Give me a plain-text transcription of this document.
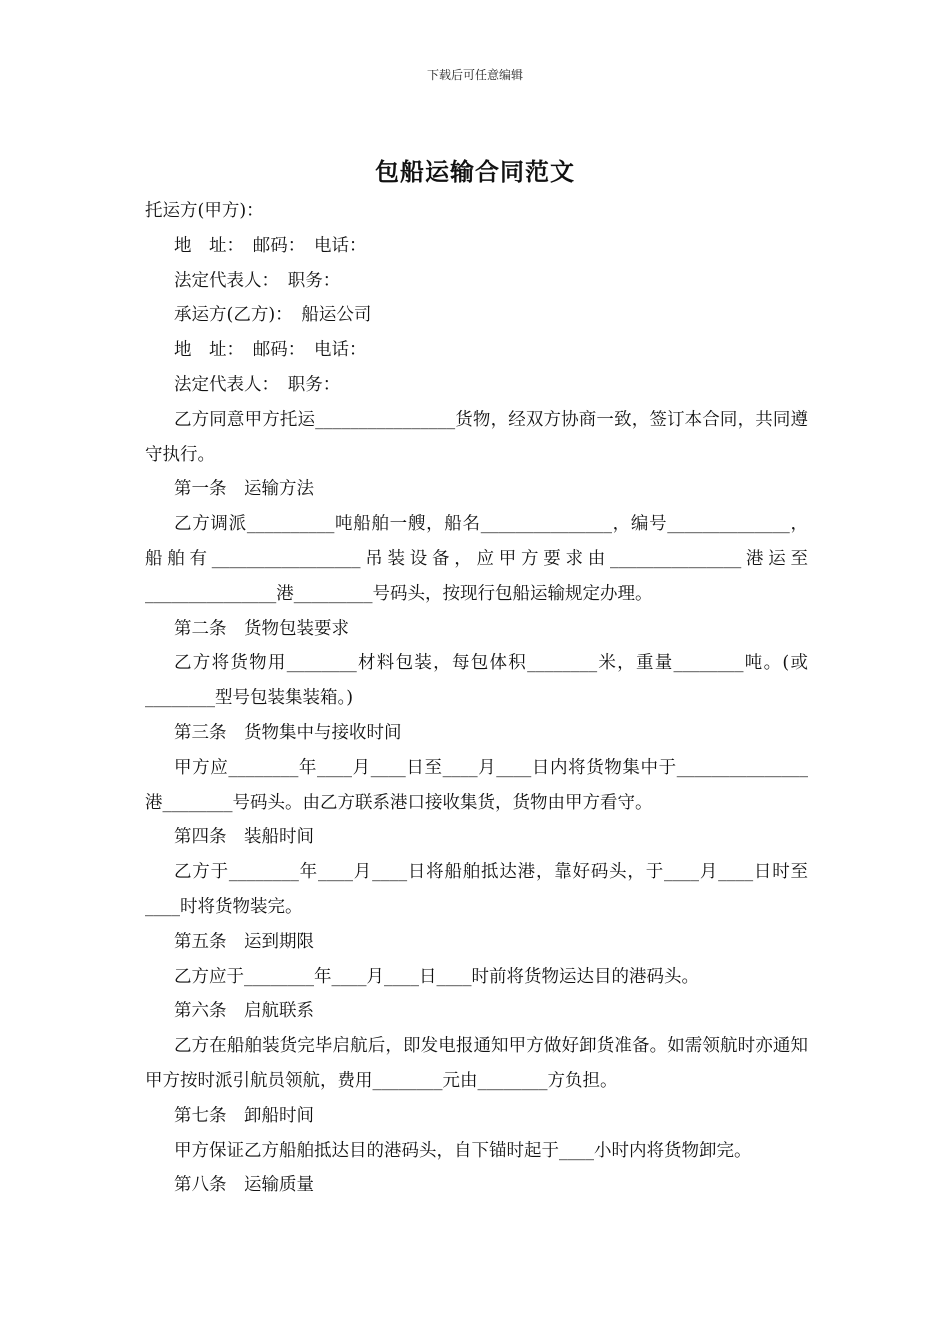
下载后可任意编辑
包船运输合同范文

托运方(甲方)：

地　址：　邮码：　电话：

法定代表人：　职务：

承运方(乙方)：　船运公司

地　址：　邮码：　电话：

法定代表人：　职务：

乙方同意甲方托运________________货物，经双方协商一致，签订本合同，共同遵守执行。

第一条　运输方法

乙方调派__________吨船舶一艘，船名_______________，编号______________，船舶有_________________吊装设备，应甲方要求由_______________港运至_______________港_________号码头，按现行包船运输规定办理。

第二条　货物包装要求

乙方将货物用________材料包装，每包体积________米，重量________吨。(或________型号包装集装箱。)

第三条　货物集中与接收时间

甲方应________年____月____日至____月____日内将货物集中于_______________港________号码头。由乙方联系港口接收集货，货物由甲方看守。

第四条　装船时间

乙方于________年____月____日将船舶抵达港，靠好码头，于____月____日时至____时将货物装完。

第五条　运到期限

乙方应于________年____月____日____时前将货物运达目的港码头。

第六条　启航联系

乙方在船舶装货完毕启航后，即发电报通知甲方做好卸货准备。如需领航时亦通知甲方按时派引航员领航，费用________元由________方负担。

第七条　卸船时间

甲方保证乙方船舶抵达目的港码头，自下锚时起于____小时内将货物卸完。

第八条　运输质量
